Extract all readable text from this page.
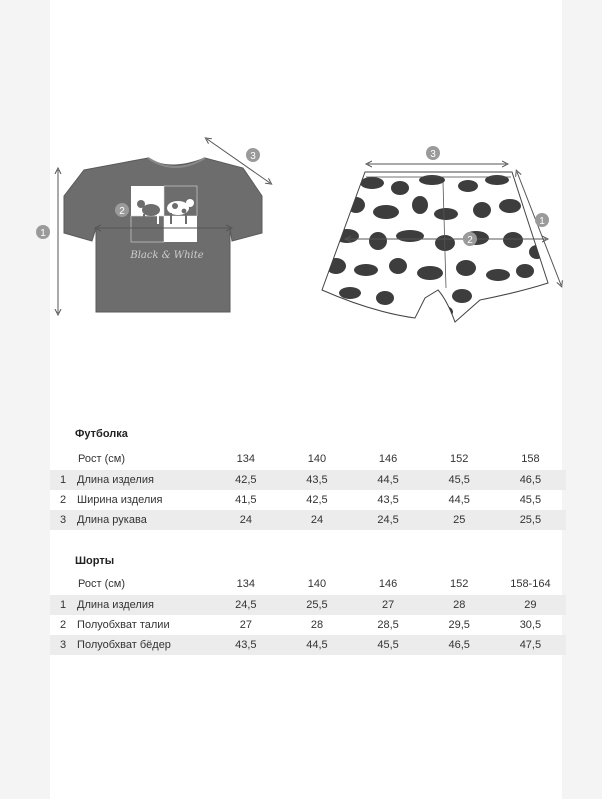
Black & White
1
2
3	3
2
1
Футболка
	Рост (см)	134	140	146	152	158
1	Длина изделия	42,5	43,5	44,5	45,5	46,5
2	Ширина изделия	41,5	42,5	43,5	44,5	45,5
3	Длина рукава	24	24	24,5	25	25,5
Шорты
	Рост (см)	134	140	146	152	158-164
1	Длина изделия	24,5	25,5	27	28	29
2	Полуобхват талии	27	28	28,5	29,5	30,5
3	Полуобхват бёдер	43,5	44,5	45,5	46,5	47,5
